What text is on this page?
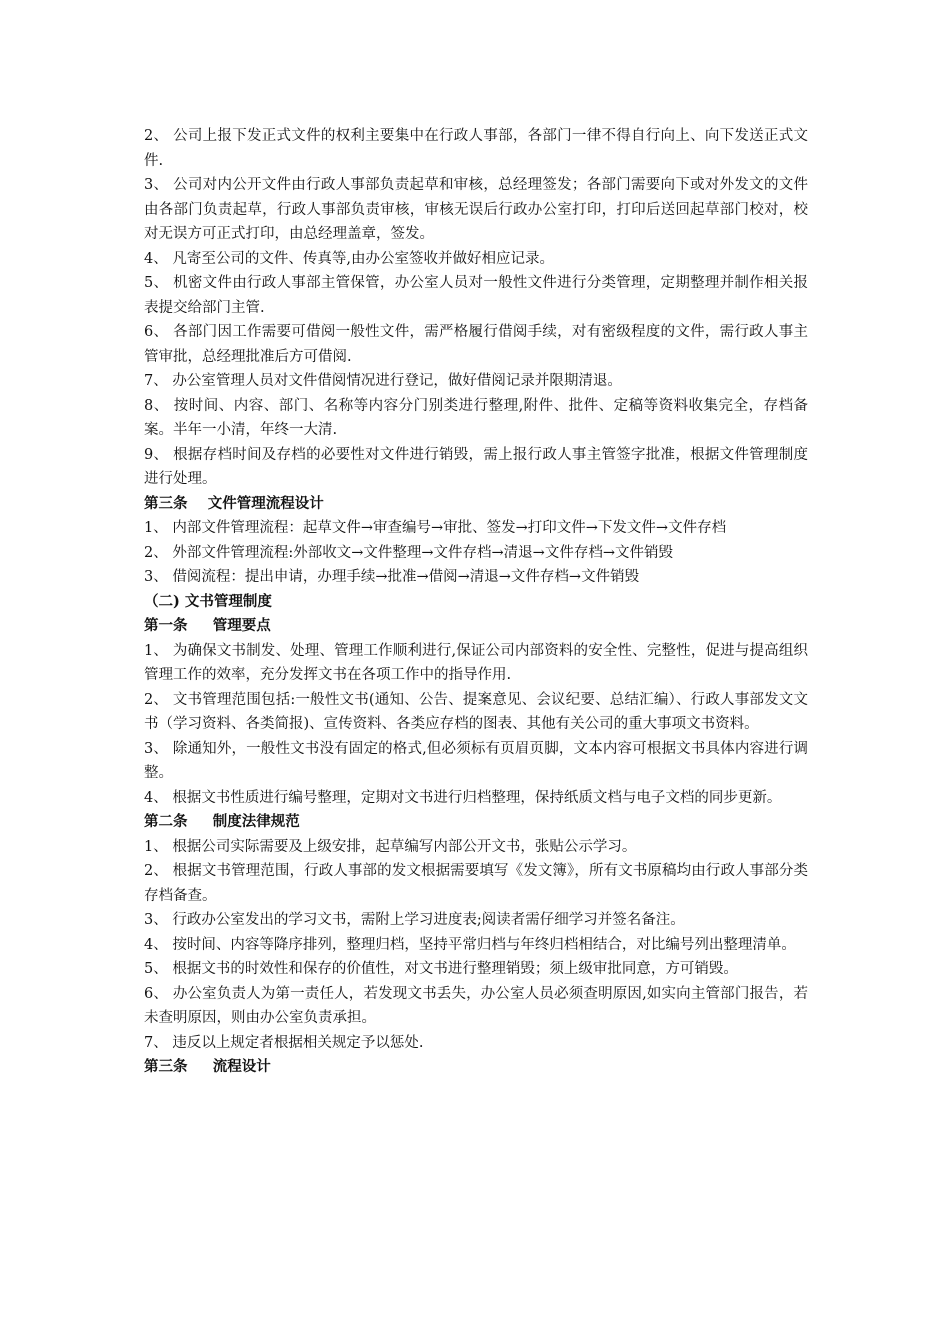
2、 公司上报下发正式文件的权利主要集中在行政人事部，各部门一律不得自行向上、向下发送正式文件.

3、 公司对内公开文件由行政人事部负责起草和审核，总经理签发；各部门需要向下或对外发文的文件由各部门负责起草，行政人事部负责审核，审核无误后行政办公室打印，打印后送回起草部门校对，校对无误方可正式打印，由总经理盖章，签发。

4、 凡寄至公司的文件、传真等,由办公室签收并做好相应记录。

5、 机密文件由行政人事部主管保管，办公室人员对一般性文件进行分类管理，定期整理并制作相关报表提交给部门主管.

6、 各部门因工作需要可借阅一般性文件，需严格履行借阅手续，对有密级程度的文件，需行政人事主管审批，总经理批准后方可借阅.

7、 办公室管理人员对文件借阅情况进行登记，做好借阅记录并限期清退。

8、 按时间、内容、部门、名称等内容分门别类进行整理,附件、批件、定稿等资料收集完全，存档备案。半年一小清，年终一大清.

9、 根据存档时间及存档的必要性对文件进行销毁，需上报行政人事主管签字批准，根据文件管理制度进行处理。

第三条    文件管理流程设计

1、 内部文件管理流程：起草文件→审查编号→审批、签发→打印文件→下发文件→文件存档

2、 外部文件管理流程:外部收文→文件整理→文件存档→清退→文件存档→文件销毁

3、 借阅流程：提出申请，办理手续→批准→借阅→清退→文件存档→文件销毁

（二) 文书管理制度

第一条     管理要点

1、 为确保文书制发、处理、管理工作顺利进行,保证公司内部资料的安全性、完整性，促进与提高组织管理工作的效率，充分发挥文书在各项工作中的指导作用.

2、 文书管理范围包括:一般性文书(通知、公告、提案意见、会议纪要、总结汇编）、行政人事部发文文书（学习资料、各类简报)、宣传资料、各类应存档的图表、其他有关公司的重大事项文书资料。

3、 除通知外，一般性文书没有固定的格式,但必须标有页眉页脚，文本内容可根据文书具体内容进行调整。

4、 根据文书性质进行编号整理，定期对文书进行归档整理，保持纸质文档与电子文档的同步更新。

第二条     制度法律规范

1、 根据公司实际需要及上级安排，起草编写内部公开文书，张贴公示学习。

2、 根据文书管理范围，行政人事部的发文根据需要填写《发文簿》，所有文书原稿均由行政人事部分类存档备查。

3、 行政办公室发出的学习文书，需附上学习进度表;阅读者需仔细学习并签名备注。

4、 按时间、内容等降序排列，整理归档，坚持平常归档与年终归档相结合，对比编号列出整理清单。

5、 根据文书的时效性和保存的价值性，对文书进行整理销毁；须上级审批同意，方可销毁。

6、 办公室负责人为第一责任人，若发现文书丢失，办公室人员必须查明原因,如实向主管部门报告，若未查明原因，则由办公室负责承担。

7、 违反以上规定者根据相关规定予以惩处.

第三条     流程设计
